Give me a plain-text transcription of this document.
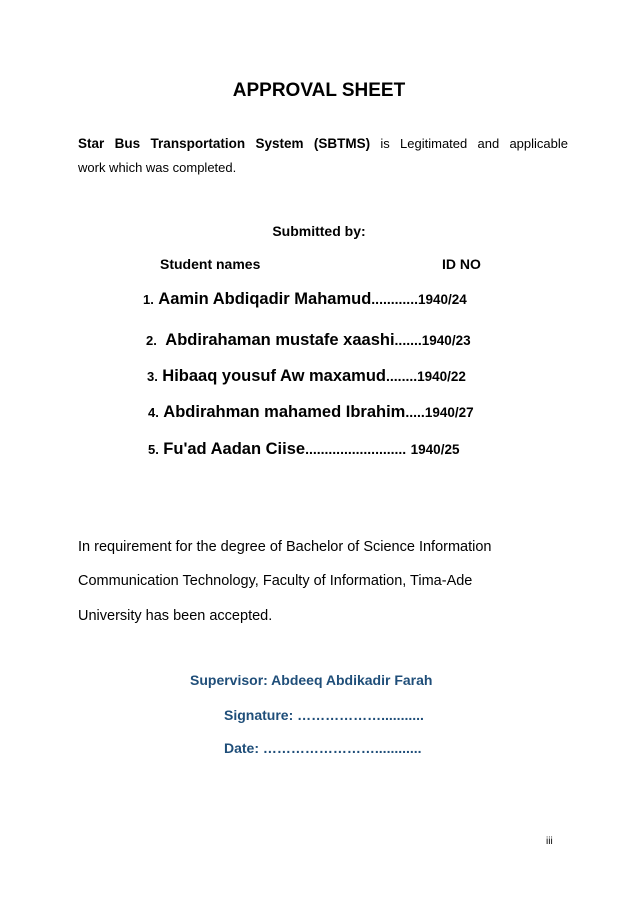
APPROVAL SHEET
Star Bus Transportation System (SBTMS) is Legitimated and applicable
work which was completed.
Submitted by:
Student names	ID NO
1. Aamin Abdiqadir Mahamud............1940/24
2. Abdirahaman mustafe xaashi.......1940/23
3. Hibaaq yousuf Aw maxamud........1940/22
4. Abdirahman mahamed Ibrahim.....1940/27
5. Fu'ad Aadan Ciise.......................... 1940/25
In requirement for the degree of Bachelor of Science Information
Communication Technology, Faculty of Information, Tima-Ade
University has been accepted.
Supervisor: Abdeeq Abdikadir Farah
Signature: ………………...........
Date: ……………………............
iii
